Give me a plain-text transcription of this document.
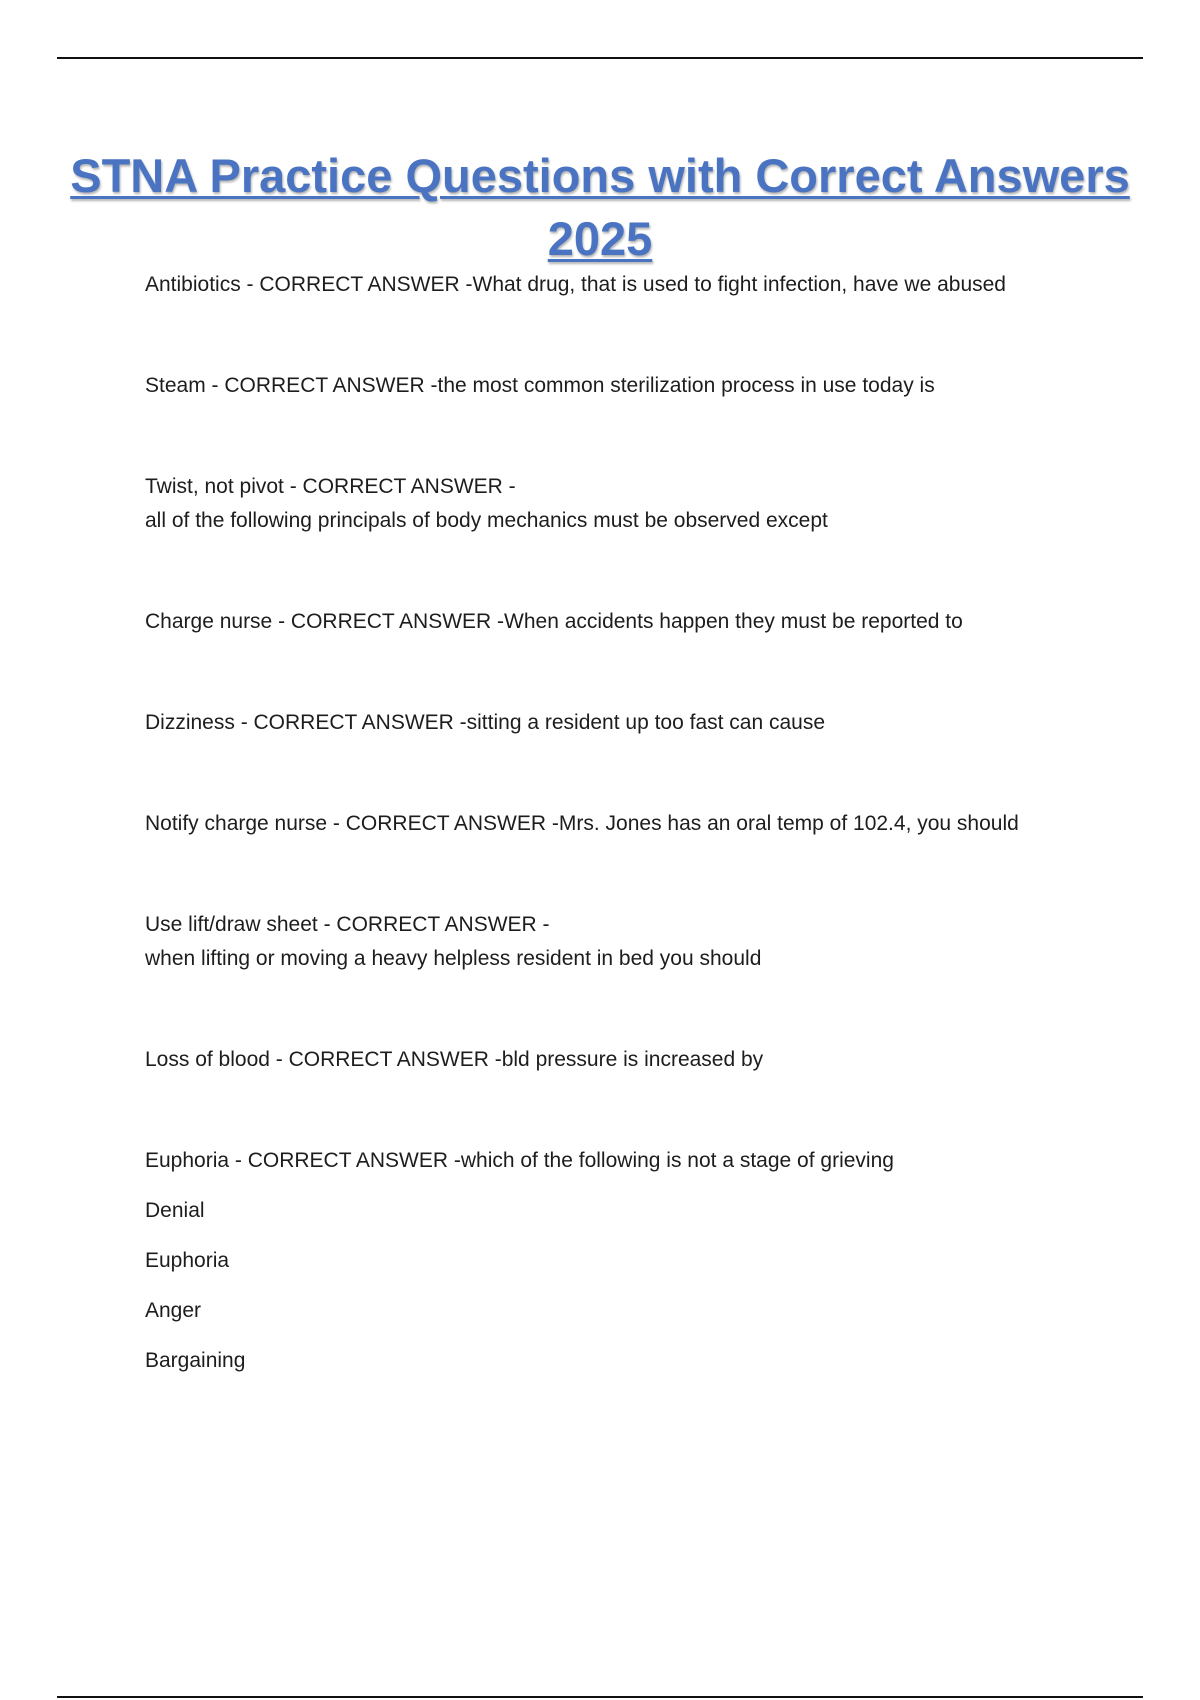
STNA Practice Questions with Correct Answers 2025

Antibiotics - CORRECT ANSWER -What drug, that is used to fight infection, have we abused

Steam - CORRECT ANSWER -the most common sterilization process in use today is

Twist, not pivot - CORRECT ANSWER -

all of the following principals of body mechanics must be observed except

Charge nurse - CORRECT ANSWER -When accidents happen they must be reported to

Dizziness - CORRECT ANSWER -sitting a resident up too fast can cause

Notify charge nurse - CORRECT ANSWER -Mrs. Jones has an oral temp of 102.4, you should

Use lift/draw sheet - CORRECT ANSWER -

when lifting or moving a heavy helpless resident in bed you should

Loss of blood - CORRECT ANSWER -bld pressure is increased by

Euphoria - CORRECT ANSWER -which of the following is not a stage of grieving

Denial

Euphoria

Anger

Bargaining
